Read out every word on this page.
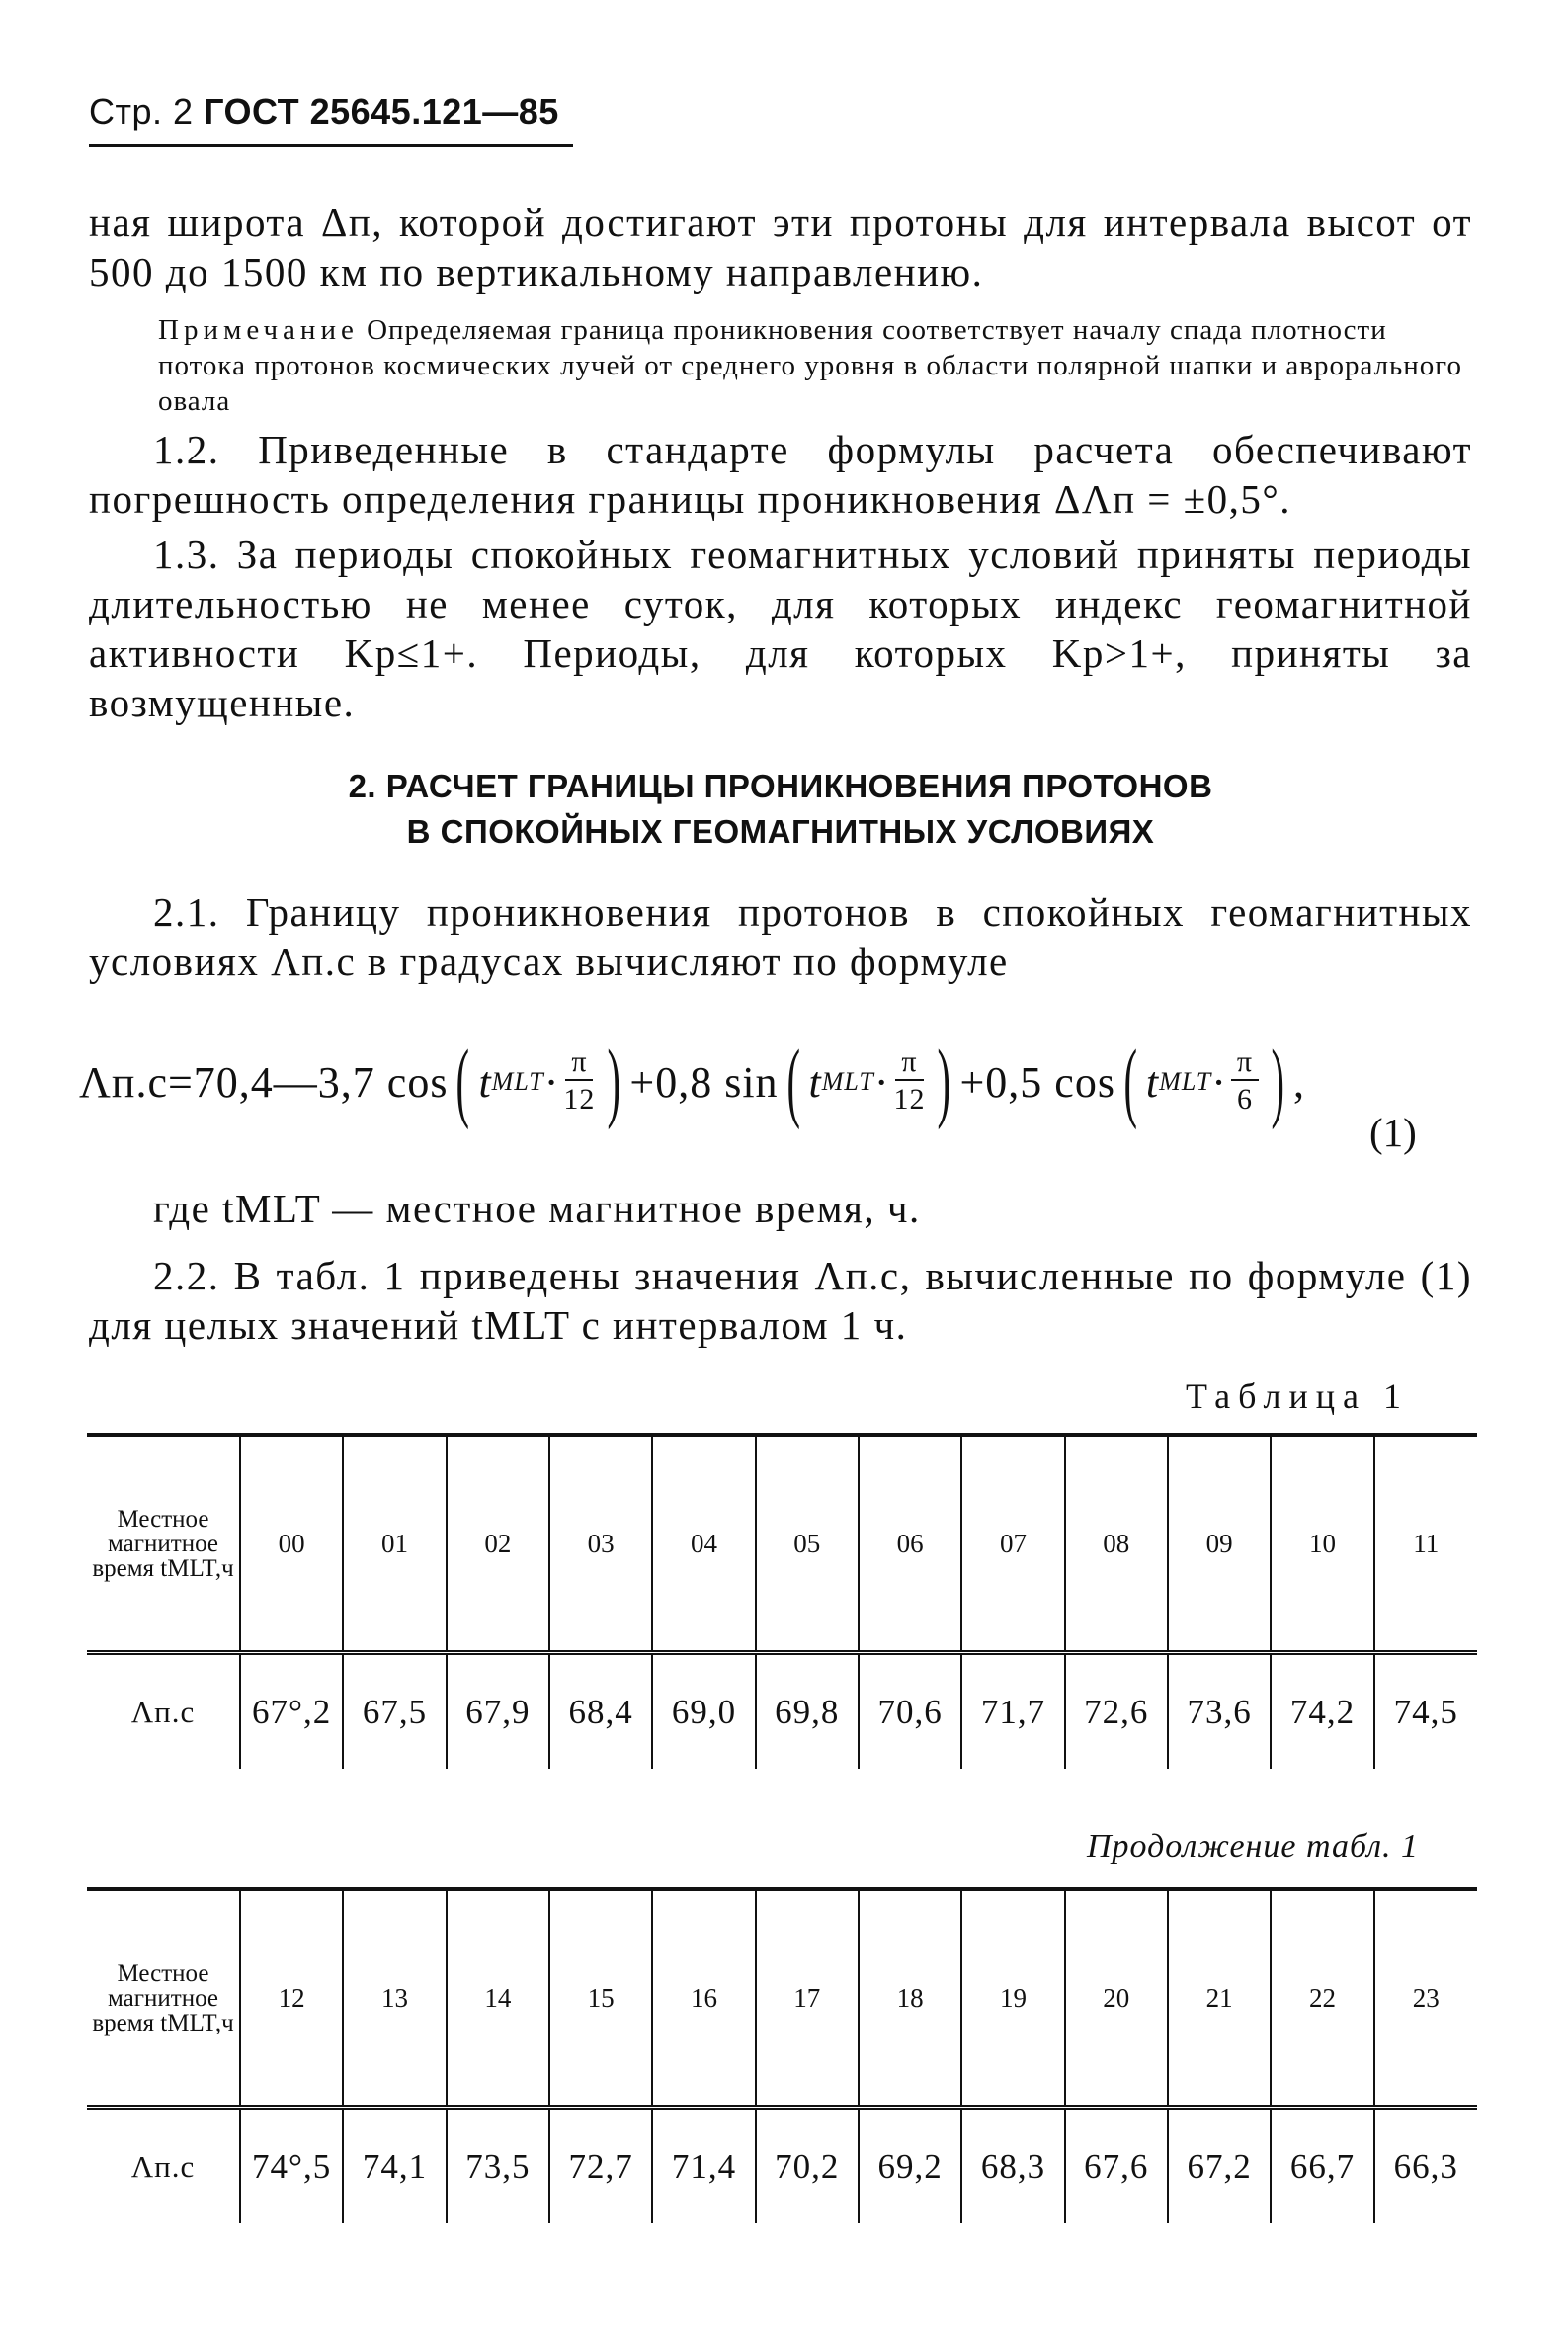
Стр. 2 ГОСТ 25645.121—85

ная широта Δп, которой достигают эти протоны для интервала высот от 500 до 1500 км по вертикальному направлению.

Примечание Определяемая граница проникновения соответствует началу спада плотности потока протонов космических лучей от среднего уровня в области полярной шапки и аврорального овала

1.2. Приведенные в стандарте формулы расчета обеспечивают погрешность определения границы проникновения ΔΛп = ±0,5°.

1.3. За периоды спокойных геомагнитных условий приняты периоды длительностью не менее суток, для которых индекс геомагнитной активности Kp≤1+. Периоды, для которых Kp>1+, приняты за возмущенные.

2. РАСЧЕТ ГРАНИЦЫ ПРОНИКНОВЕНИЯ ПРОТОНОВ
В СПОКОЙНЫХ ГЕОМАГНИТНЫХ УСЛОВИЯХ

2.1. Границу проникновения протонов в спокойных геомагнитных условиях Λп.с в градусах вычисляют по формуле

Λп.с=70,4—3,7 cos ( t MLT · $\frac{\pi}{12}$ ) +0,8 sin ( t MLT · $\frac{\pi}{12}$ ) +0,5 cos ( t MLT · $\frac{\pi}{6}$ ) ,
(1)

где tMLT — местное магнитное время, ч.

2.2. В табл. 1 приведены значения Λп.с, вычисленные по формуле (1) для целых значений tMLT с интервалом 1 ч.

Таблица 1
Местное магнитное время tMLT,ч	00	01	02	03	04	05	06	07	08	09	10	11
Λп.с	67°,2	67,5	67,9	68,4	69,0	69,8	70,6	71,7	72,6	73,6	74,2	74,5
Продолжение табл. 1
Местное магнитное время tMLT,ч	12	13	14	15	16	17	18	19	20	21	22	23
Λп.с	74°,5	74,1	73,5	72,7	71,4	70,2	69,2	68,3	67,6	67,2	66,7	66,3
